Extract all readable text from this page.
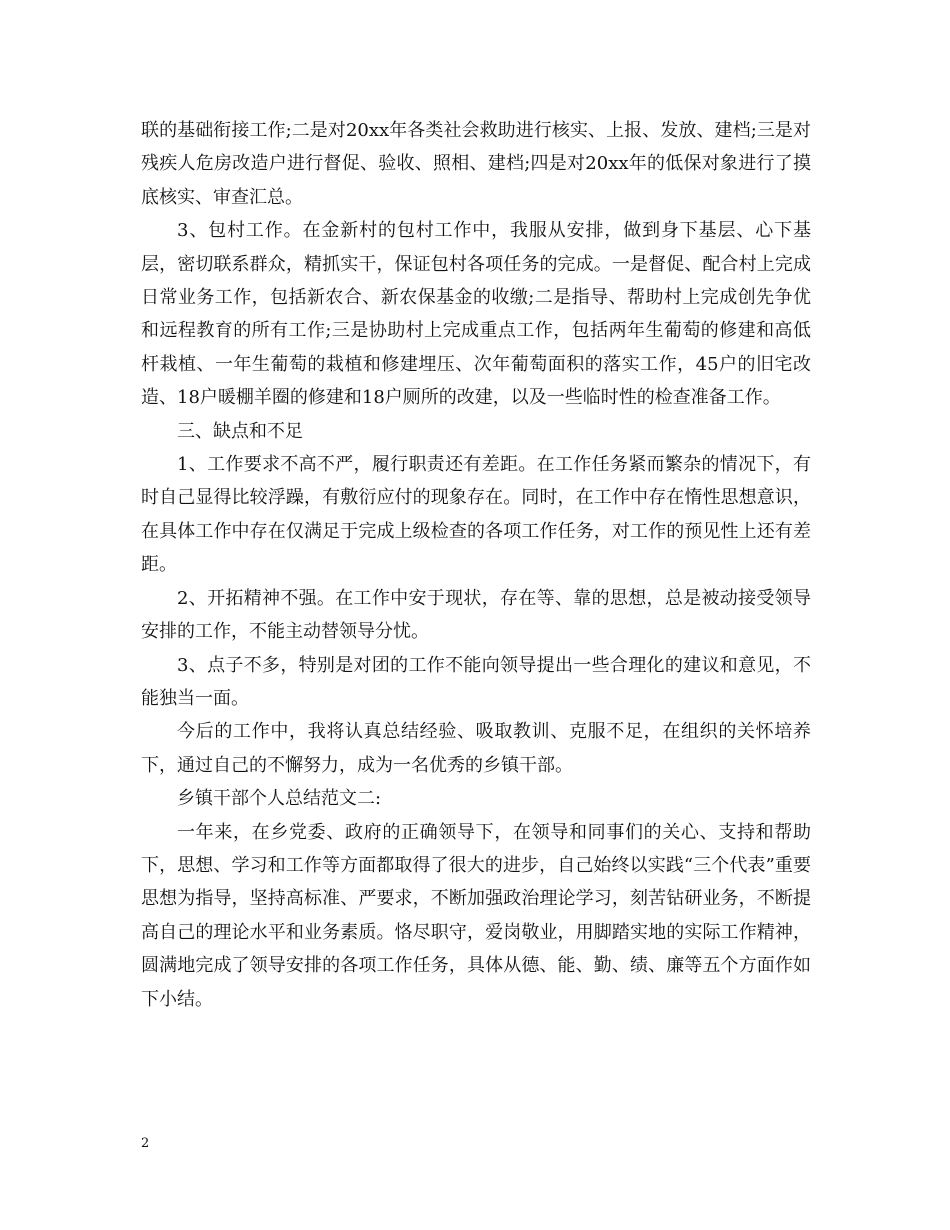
联的基础衔接工作;二是对20xx年各类社会救助进行核实、上报、发放、建档;三是对残疾人危房改造户进行督促、验收、照相、建档;四是对20xx年的低保对象进行了摸底核实、审查汇总。

3、包村工作。在金新村的包村工作中，我服从安排，做到身下基层、心下基层，密切联系群众，精抓实干，保证包村各项任务的完成。一是督促、配合村上完成日常业务工作，包括新农合、新农保基金的收缴;二是指导、帮助村上完成创先争优和远程教育的所有工作;三是协助村上完成重点工作，包括两年生葡萄的修建和高低杆栽植、一年生葡萄的栽植和修建埋压、次年葡萄面积的落实工作，45户的旧宅改造、18户暖棚羊圈的修建和18户厕所的改建，以及一些临时性的检查准备工作。

三、缺点和不足

1、工作要求不高不严，履行职责还有差距。在工作任务紧而繁杂的情况下，有时自己显得比较浮躁，有敷衍应付的现象存在。同时，在工作中存在惰性思想意识，在具体工作中存在仅满足于完成上级检查的各项工作任务，对工作的预见性上还有差距。

2、开拓精神不强。在工作中安于现状，存在等、靠的思想，总是被动接受领导安排的工作，不能主动替领导分忧。

3、点子不多，特别是对团的工作不能向领导提出一些合理化的建议和意见，不能独当一面。

今后的工作中，我将认真总结经验、吸取教训、克服不足，在组织的关怀培养下，通过自己的不懈努力，成为一名优秀的乡镇干部。

乡镇干部个人总结范文二:

一年来，在乡党委、政府的正确领导下，在领导和同事们的关心、支持和帮助下，思想、学习和工作等方面都取得了很大的进步，自己始终以实践“三个代表”重要思想为指导，坚持高标准、严要求，不断加强政治理论学习，刻苦钻研业务，不断提高自己的理论水平和业务素质。恪尽职守，爱岗敬业，用脚踏实地的实际工作精神，圆满地完成了领导安排的各项工作任务，具体从德、能、勤、绩、廉等五个方面作如下小结。

2
